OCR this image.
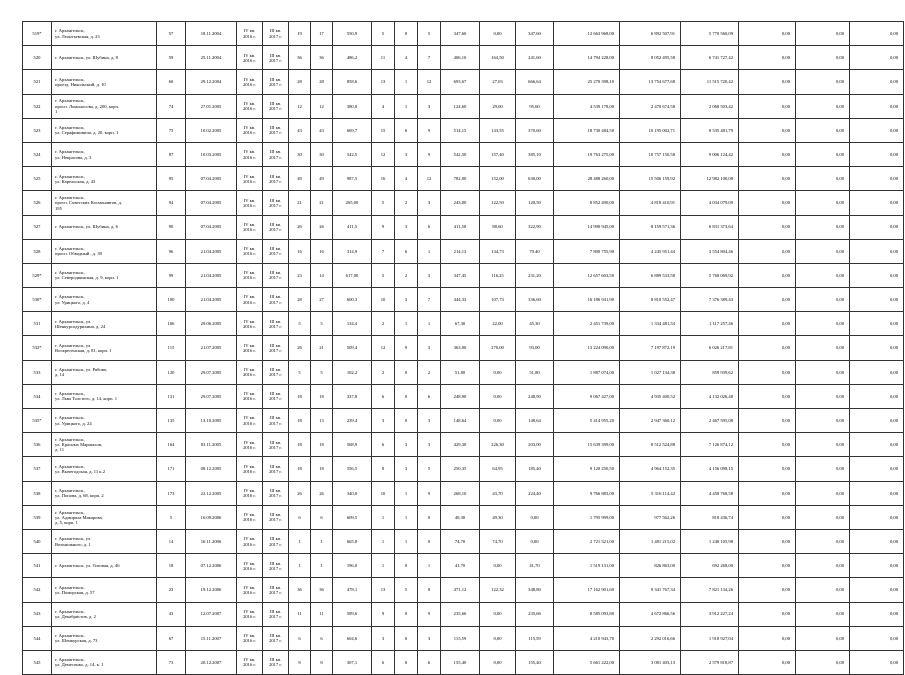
519*	г. Архангельск,
ул. Леонтьевская, д. 23	57	18.11.2004	IV кв.
2016 г.	III кв.
2017 г.	19	17	550,9	5	0	5	347,60	0,00	347,60	12 663 968,00	6 892 507,91	5 770 560,09	0,00	0,00	0,00
520	г. Архангельск, ул. Шубина, д. 8	59	25.11.2004	IV кв.
2016 г.	III кв.
2017 г.	36	36	486,2	11	4	7	406,10	164,50	241,60	14 794 228,00	8 052 495,58	6 741 727,42	0,00	0,00	0,00
521	г. Архангельск,
проезд. Никольский, д. 10	60	29.12.2004	IV кв.
2016 г.	III кв.
2017 г.	28	28	858,6	13	1	12	693,67	27,03	666,64	25 270 398,10	13 754 677,68	11 515 720,42	0,00	0,00	0,00
522	г. Архангельск,
просп. Ломоносова, д. 200, корп.
1	74	27.01.2005	IV кв.
2016 г.	III кв.
2017 г.	12	12	380,0	4	1	3	124,60	29,00	95,60	4 539 178,00	2 470 674,58	2 068 503,42	0,00	0,00	0,00
523	г. Архангельск,
ул. Серафимовича, д. 20, корп. 1	75	10.02.2005	IV кв.
2016 г.	III кв.
2017 г.	43	43	669,7	15	6	9	514,15	143,55	370,60	18 730 484,50	10 195 002,71	8 535 481,79	0,00	0,00	0,00
524	г. Архангельск,
ул. Некрасова, д. 3	87	10.03.2005	IV кв.
2016 г.	III кв.
2017 г.	30	30	542,5	12	3	9	542,50	157,40	385,10	19 763 275,00	10 757 150,58	9 006 124,42	0,00	0,00	0,00
525	г. Архангельск,
ул. Карельская, д. 43	95	07.04.2005	IV кв.
2016 г.	III кв.
2017 г.	49	49	987,5	16	4	12	782,00	152,00	630,00	28 488 260,00	15 506 159,92	12 982 100,08	0,00	0,00	0,00
526	г. Архангельск,
просп. Советских Космонавтов, д.
195	94	07.04.2005	IV кв.
2016 г.	III кв.
2017 г.	21	21	265,00	5	2	3	243,00	122,50	120,50	8 852 490,00	4 818 410,91	4 034 079,09	0,00	0,00	0,00
527	г. Архангельск, ул. Шубина, д. 6	90	07.04.2005	IV кв.
2016 г.	III кв.
2017 г.	26	26	411,5	9	3	6	411,50	88,60	322,90	14 990 945,00	8 159 571,36	6 831 373,64	0,00	0,00	0,00
528	г. Архангельск,
просп. Обводный , д. 39	96	21.04.2005	IV кв.
2016 г.	III кв.
2017 г.	16	16	314,9	7	6	1	214,13	134,73	79,40	7 800 755,90	4 245 951,44	3 554 804,46	0,00	0,00	0,00
529*	г. Архангельск,
ул. Северодвинская, д. 9, корп. 1	99	21.04.2005	IV кв.
2016 г.	III кв.
2017 г.	23	14	617,00	5	2	3	347,45	116,25	231,20	12 657 603,50	6 889 533,58	5 768 069,92	0,00	0,00	0,00
530*	г. Архангельск,
ул. Урицкого, д. 4	100	21.04.2005	IV кв.
2016 г.	III кв.
2017 г.	28	27	600,3	10	3	7	444,33	107,73	336,60	16 186 941,90	8 810 552,47	7 376 389,43	0,00	0,00	0,00
531	г. Архангельск, ул.
Шенкурсодурихина, д. 24	106	29.06.2005	IV кв.
2016 г.	III кв.
2017 г.	5	5	134,4	2	1	1	67,30	22,00	45,30	2 451 739,00	1 334 481,54	1 117 257,46	0,00	0,00	0,00
532*	г. Архангельск, ул.
Воскресенская, д. 81, корп. 1	115	21.07.2005	IV кв.
2016 г.	III кв.
2017 г.	26	21	509,4	12	9	3	363,00	270,00	93,00	13 224 090,00	7 197 872,19	6 026 217,81	0,00	0,00	0,00
533	г. Архангельск, ул. Рябова,
д. 14	120	29.07.2005	IV кв.
2016 г.	III кв.
2017 г.	5	5	102,2	2	0	2	51,80	0,00	51,80	1 887 074,00	1 027 134,38	859 939,62	0,00	0,00	0,00
534	г. Архангельск,
ул. Льва Толстого, д. 14, корп. 1	131	29.07.2005	IV кв.
2016 г.	III кв.
2017 г.	18	18	337,8	6	0	6	248,90	0,00	248,90	9 067 427,00	4 935 400,52	4 132 026,48	0,00	0,00	0,00
535*	г. Архангельск,
ул. Урицкого, д. 24	135	13.10.2005	IV кв.
2016 г.	III кв.
2017 г.	18	13	239,4	3	0	3	148,64	0,00	148,64	5 414 955,20	2 947 360,12	2 467 595,08	0,00	0,00	0,00
536	г. Архангельск,
ул. Красных Маршалов,
д. 11	164	03.11.2005	IV кв.
2016 г.	III кв.
2017 г.	18	18	568,9	6	3	3	429,30	226,30	203,00	15 639 399,00	8 512 524,88	7 126 874,12	0,00	0,00	0,00
537	г. Архангельск,
ул. Вычегодская, д. 11 к.2	171	08.12.2005	IV кв.
2016 г.	III кв.
2017 г.	18	18	556,5	8	3	5	250,35	64,95	185,40	9 120 250,50	4 964 152,35	4 156 098,15	0,00	0,00	0,00
538	г. Архангельск,
ул. Попова, д. 68, корп. 2	173	22.12.2005	IV кв.
2016 г.	III кв.
2017 г.	26	26	340,0	10	1	9	268,10	43,70	224,40	9 766 883,00	5 316 114,42	4 450 768,58	0,00	0,00	0,00
539	г. Архангельск,
ул. Адмирала Макарова,
д. 5, корп. 1	5	16.09.2006	IV кв.
2016 г.	III кв.
2017 г.	6	6	609,5	1	1	0	49,30	49,30	0,00	1 795 999,00	977 562,26	818 436,74	0,00	0,00	0,00
540	г. Архангельск, ул.
Вельможного, д. 1	14	16.11.2006	IV кв.
2016 г.	III кв.
2017 г.	1	1	665,8	1	1	0	74,70	74,70	0,00	2 721 321,00	1 481 215,02	1 240 105,98	0,00	0,00	0,00
541	г. Архангельск, ул. Тиговая, д. 46	18	07.12.2006	IV кв.
2016 г.	III кв.
2017 г.	1	1	196,0	1	0	1	41,70	0,00	41,70	1 519 131,00	826 863,00	692 268,00	0,00	0,00	0,00
542	г. Архангельск,
ул. Поморская, д. 57	23	19.12.2006	IV кв.
2016 г.	III кв.
2017 г.	36	36	478,1	13	5	8	471,12	122,32	348,80	17 162 901,60	9 341 767,34	7 821 134,26	0,00	0,00	0,00
543	г. Архангельск,
ул. Декабристов, д. 2	43	12.07.2007	IV кв.
2016 г.	III кв.
2017 г.	11	11	589,6	9	0	9	235,66	0,00	235,66	8 585 093,80	4 672 866,56	3 912 227,24	0,00	0,00	0,00
544	г. Архангельск,
ул. Шенкурская, д. 73	67	15.11.2007	IV кв.
2016 г.	III кв.
2017 г.	6	6	604,6	3	0	3	115,59	0,00	115,59	4 210 943,70	2 292 016,66	1 918 927,04	0,00	0,00	0,00
545	г. Архангельск,
ул. Демесенко, д. 14, к. 1	73	20.12.2007	IV кв.
2016 г.	III кв.
2017 г.	8	8	307,1	6	0	6	155,40	0,00	155,40	5 661 222,00	3 081 403,13	2 579 818,87	0,00	0,00	0,00
